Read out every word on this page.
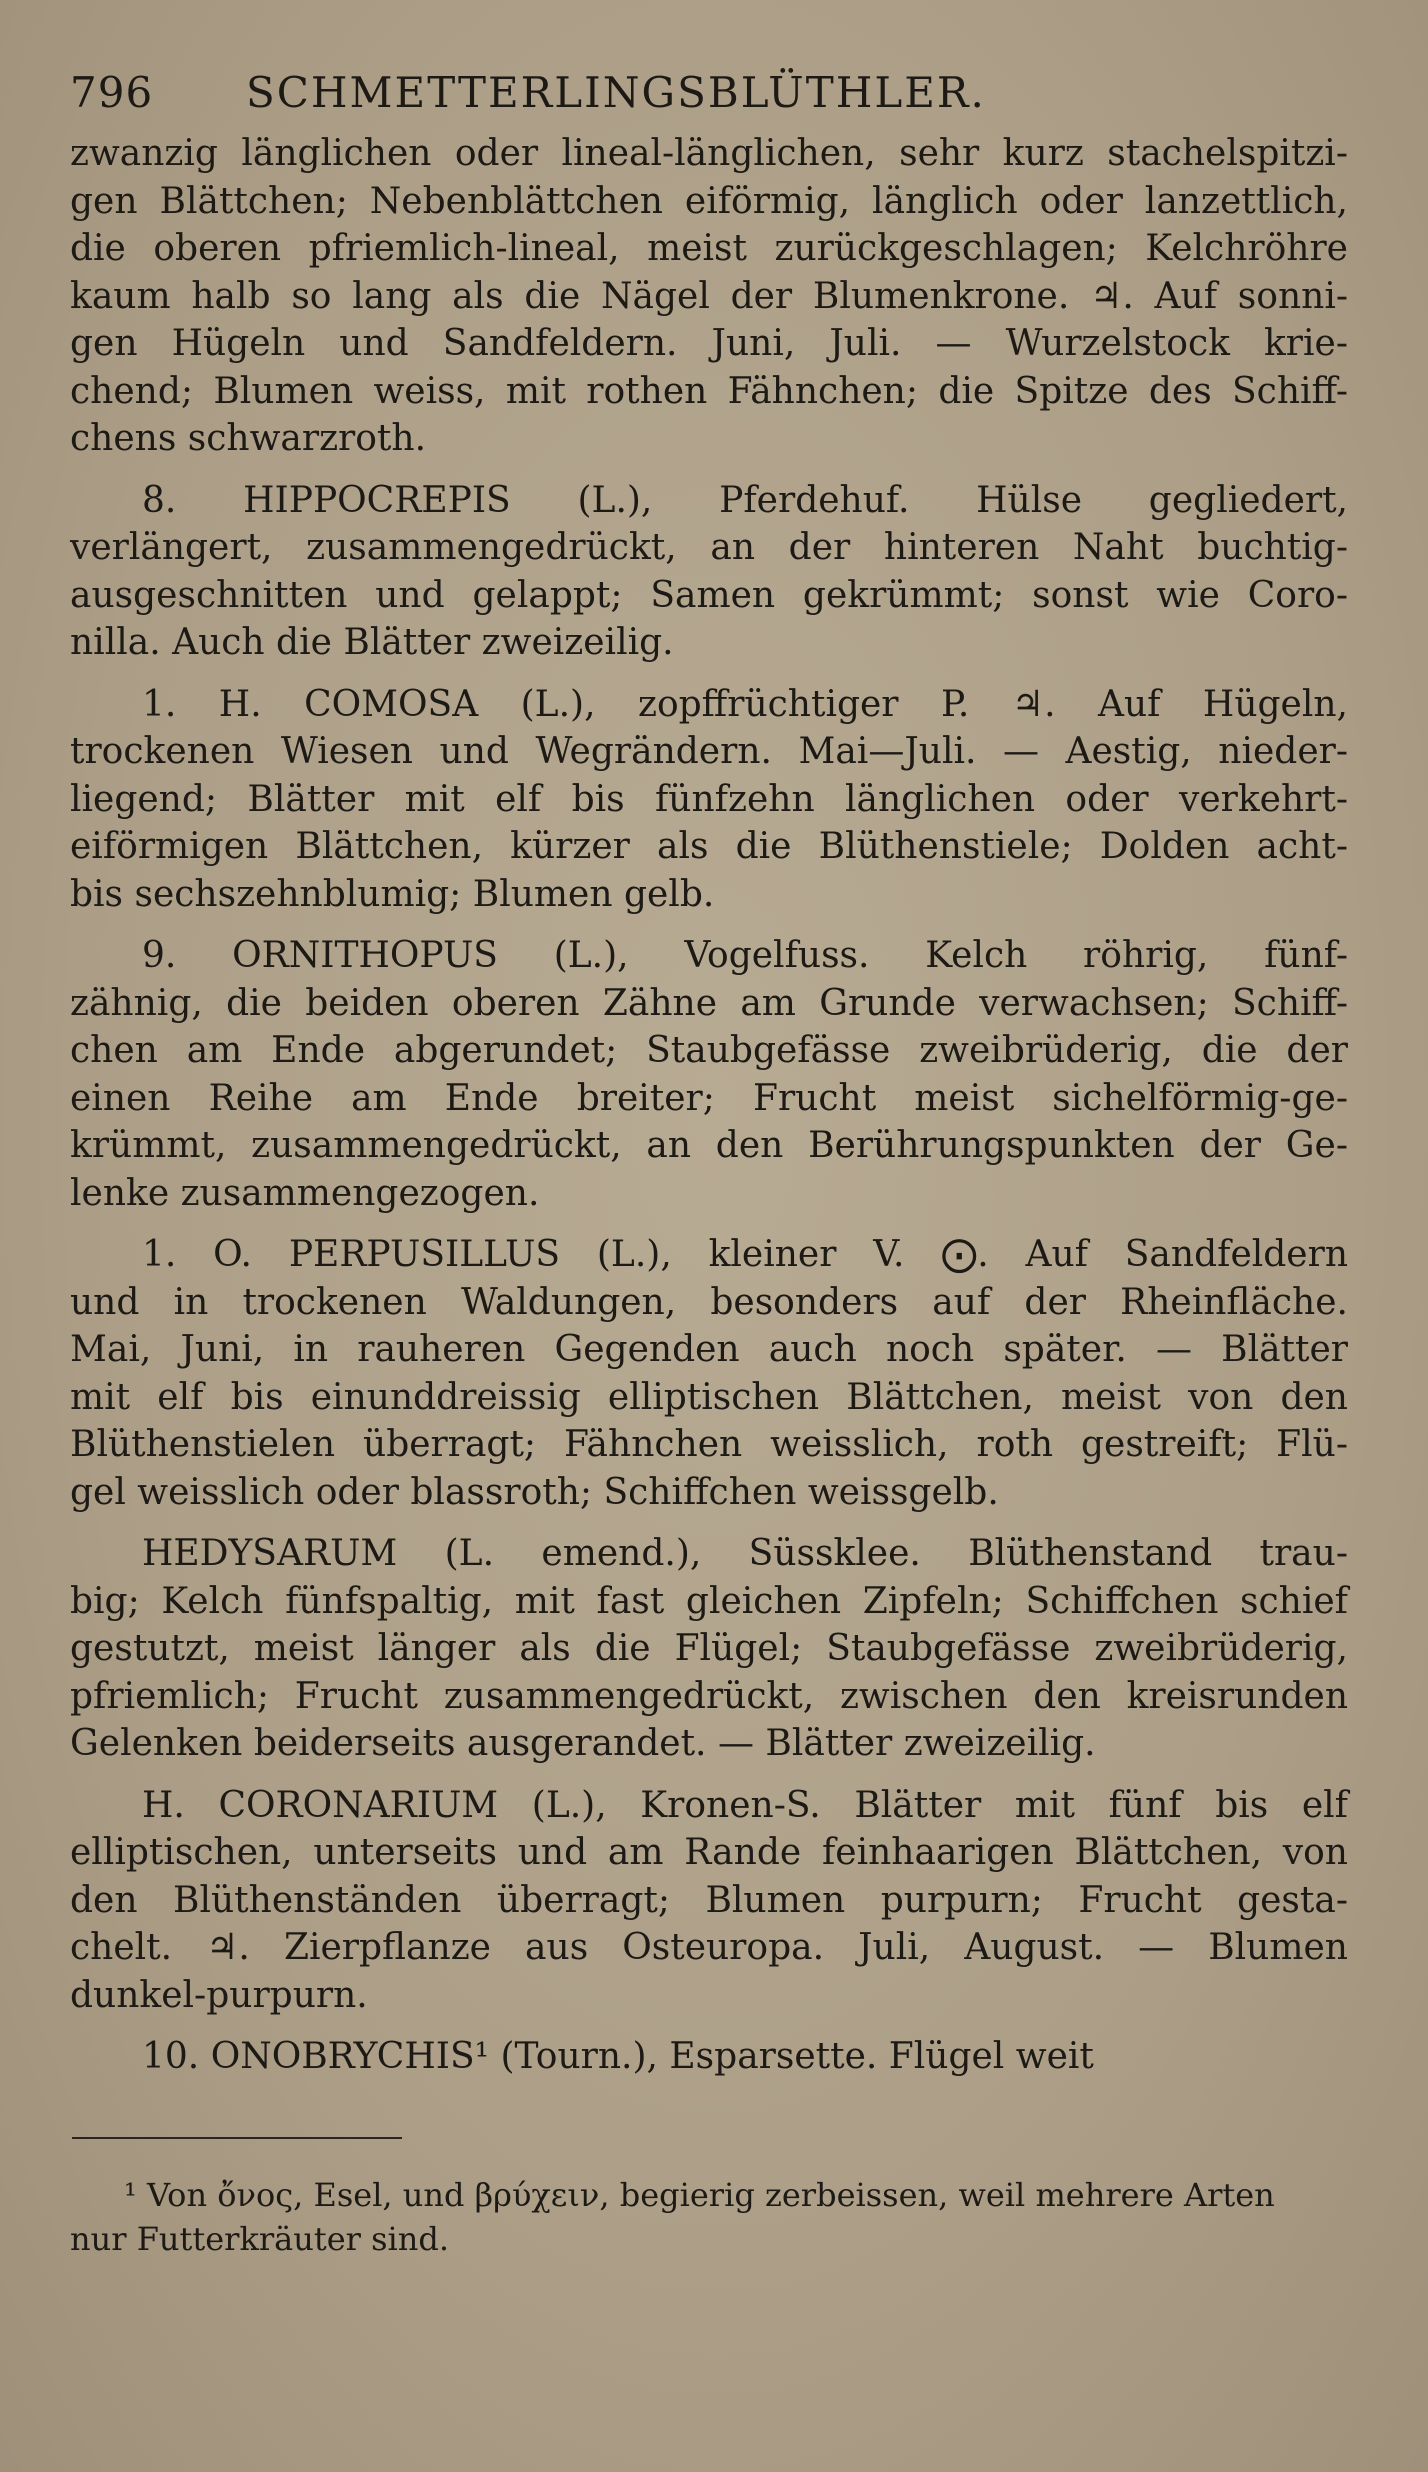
796	SCHMETTERLINGSBLÜTHLER.

zwanzig länglichen oder lineal-länglichen, sehr kurz stachelspitzi-
gen Blättchen; Nebenblättchen eiförmig, länglich oder lanzettlich,
die oberen pfriemlich-lineal, meist zurückgeschlagen; Kelchröhre
kaum halb so lang als die Nägel der Blumenkrone. ♃. Auf sonni-
gen Hügeln und Sandfeldern. Juni, Juli. — Wurzelstock krie-
chend; Blumen weiss, mit rothen Fähnchen; die Spitze des Schiff-
chens schwarzroth.

8. HIPPOCREPIS (L.), Pferdehuf. Hülse gegliedert,
verlängert, zusammengedrückt, an der hinteren Naht buchtig-
ausgeschnitten und gelappt; Samen gekrümmt; sonst wie Coro-
nilla. Auch die Blätter zweizeilig.

1. H. COMOSA (L.), zopffrüchtiger P. ♃. Auf Hügeln,
trockenen Wiesen und Wegrändern. Mai—Juli. — Aestig, nieder-
liegend; Blätter mit elf bis fünfzehn länglichen oder verkehrt-
eiförmigen Blättchen, kürzer als die Blüthenstiele; Dolden acht-
bis sechszehnblumig; Blumen gelb.

9. ORNITHOPUS (L.), Vogelfuss. Kelch röhrig, fünf-
zähnig, die beiden oberen Zähne am Grunde verwachsen; Schiff-
chen am Ende abgerundet; Staubgefässe zweibrüderig, die der
einen Reihe am Ende breiter; Frucht meist sichelförmig-ge-
krümmt, zusammengedrückt, an den Berührungspunkten der Ge-
lenke zusammengezogen.

1. O. PERPUSILLUS (L.), kleiner V. ⨀. Auf Sandfeldern
und in trockenen Waldungen, besonders auf der Rheinfläche.
Mai, Juni, in rauheren Gegenden auch noch später. — Blätter
mit elf bis einunddreissig elliptischen Blättchen, meist von den
Blüthenstielen überragt; Fähnchen weisslich, roth gestreift; Flü-
gel weisslich oder blassroth; Schiffchen weissgelb.

HEDYSARUM (L. emend.), Süssklee. Blüthenstand trau-
big; Kelch fünfspaltig, mit fast gleichen Zipfeln; Schiffchen schief
gestutzt, meist länger als die Flügel; Staubgefässe zweibrüderig,
pfriemlich; Frucht zusammengedrückt, zwischen den kreisrunden
Gelenken beiderseits ausgerandet. — Blätter zweizeilig.

H. CORONARIUM (L.), Kronen-S. Blätter mit fünf bis elf
elliptischen, unterseits und am Rande feinhaarigen Blättchen, von
den Blüthenständen überragt; Blumen purpurn; Frucht gesta-
chelt. ♃. Zierpflanze aus Osteuropa. Juli, August. — Blumen
dunkel-purpurn.

10. ONOBRYCHIS¹ (Tourn.), Esparsette. Flügel weit

¹ Von ὄνος, Esel, und βρύχειν, begierig zerbeissen, weil mehrere Arten
nur Futterkräuter sind.
